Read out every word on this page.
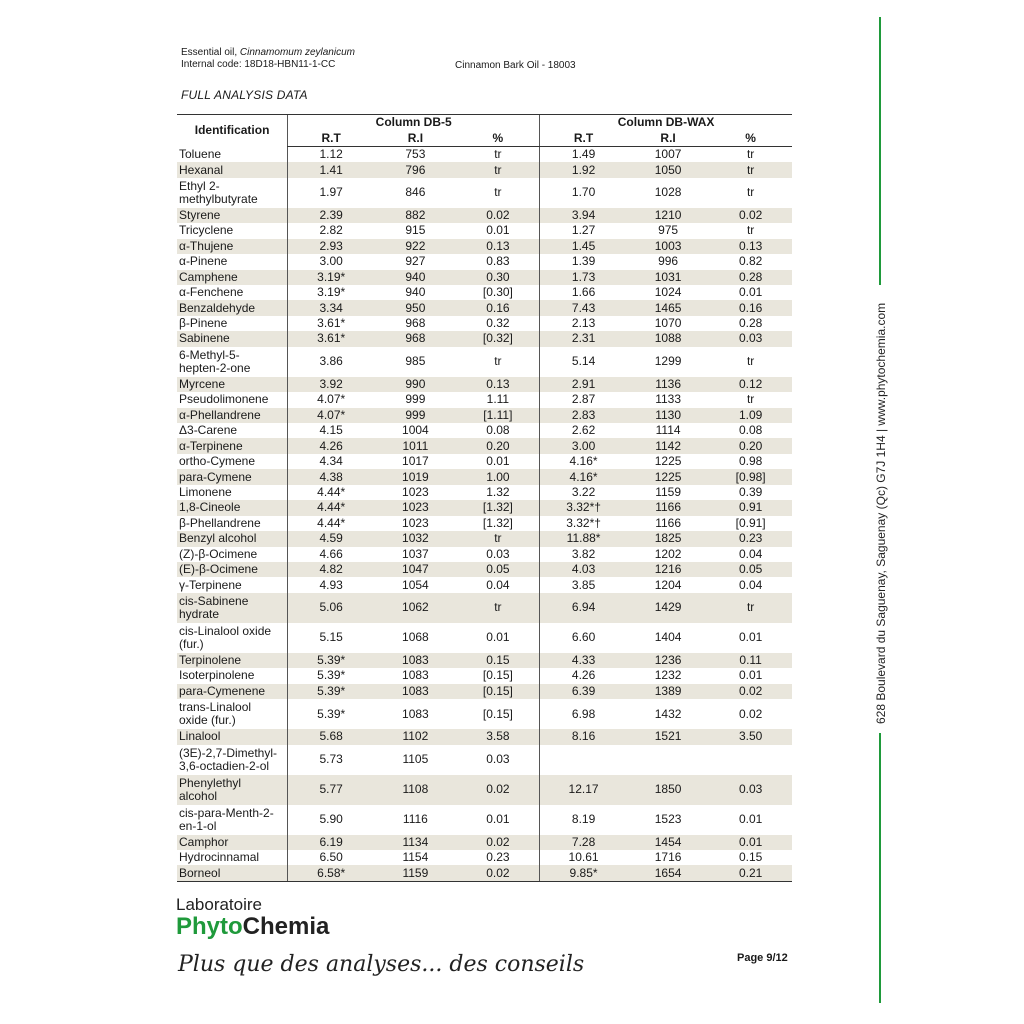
Essential oil, Cinnamomum zeylanicum
Internal code: 18D18-HBN11-1-CC	Cinnamon Bark Oil - 18003
FULL ANALYSIS DATA
Identification	Column DB-5			Column DB-WAX		
	R.T	R.I	%	R.T	R.I	%
Toluene	1.12	753	tr	1.49	1007	tr
Hexanal	1.41	796	tr	1.92	1050	tr
Ethyl 2-
methylbutyrate	1.97	846	tr	1.70	1028	tr
Styrene	2.39	882	0.02	3.94	1210	0.02
Tricyclene	2.82	915	0.01	1.27	975	tr
α-Thujene	2.93	922	0.13	1.45	1003	0.13
α-Pinene	3.00	927	0.83	1.39	996	0.82
Camphene	3.19*	940	0.30	1.73	1031	0.28
α-Fenchene	3.19*	940	[0.30]	1.66	1024	0.01
Benzaldehyde	3.34	950	0.16	7.43	1465	0.16
β-Pinene	3.61*	968	0.32	2.13	1070	0.28
Sabinene	3.61*	968	[0.32]	2.31	1088	0.03
6-Methyl-5-
hepten-2-one	3.86	985	tr	5.14	1299	tr
Myrcene	3.92	990	0.13	2.91	1136	0.12
Pseudolimonene	4.07*	999	1.11	2.87	1133	tr
α-Phellandrene	4.07*	999	[1.11]	2.83	1130	1.09
Δ3-Carene	4.15	1004	0.08	2.62	1114	0.08
α-Terpinene	4.26	1011	0.20	3.00	1142	0.20
ortho-Cymene	4.34	1017	0.01	4.16*	1225	0.98
para-Cymene	4.38	1019	1.00	4.16*	1225	[0.98]
Limonene	4.44*	1023	1.32	3.22	1159	0.39
1,8-Cineole	4.44*	1023	[1.32]	3.32*†	1166	0.91
β-Phellandrene	4.44*	1023	[1.32]	3.32*†	1166	[0.91]
Benzyl alcohol	4.59	1032	tr	11.88*	1825	0.23
(Z)-β-Ocimene	4.66	1037	0.03	3.82	1202	0.04
(E)-β-Ocimene	4.82	1047	0.05	4.03	1216	0.05
γ-Terpinene	4.93	1054	0.04	3.85	1204	0.04
cis-Sabinene
hydrate	5.06	1062	tr	6.94	1429	tr
cis-Linalool oxide
(fur.)	5.15	1068	0.01	6.60	1404	0.01
Terpinolene	5.39*	1083	0.15	4.33	1236	0.11
Isoterpinolene	5.39*	1083	[0.15]	4.26	1232	0.01
para-Cymenene	5.39*	1083	[0.15]	6.39	1389	0.02
trans-Linalool
oxide (fur.)	5.39*	1083	[0.15]	6.98	1432	0.02
Linalool	5.68	1102	3.58	8.16	1521	3.50
(3E)-2,7-Dimethyl-
3,6-octadien-2-ol	5.73	1105	0.03			
Phenylethyl
alcohol	5.77	1108	0.02	12.17	1850	0.03
cis-para-Menth-2-
en-1-ol	5.90	1116	0.01	8.19	1523	0.01
Camphor	6.19	1134	0.02	7.28	1454	0.01
Hydrocinnamal	6.50	1154	0.23	10.61	1716	0.15
Borneol	6.58*	1159	0.02	9.85*	1654	0.21
Laboratoire
PhytoChemia
Plus que des analyses... des conseils	Page 9/12
628 Boulevard du Saguenay, Saguenay (Qc) G7J 1H4 | www.phytochemia.com
